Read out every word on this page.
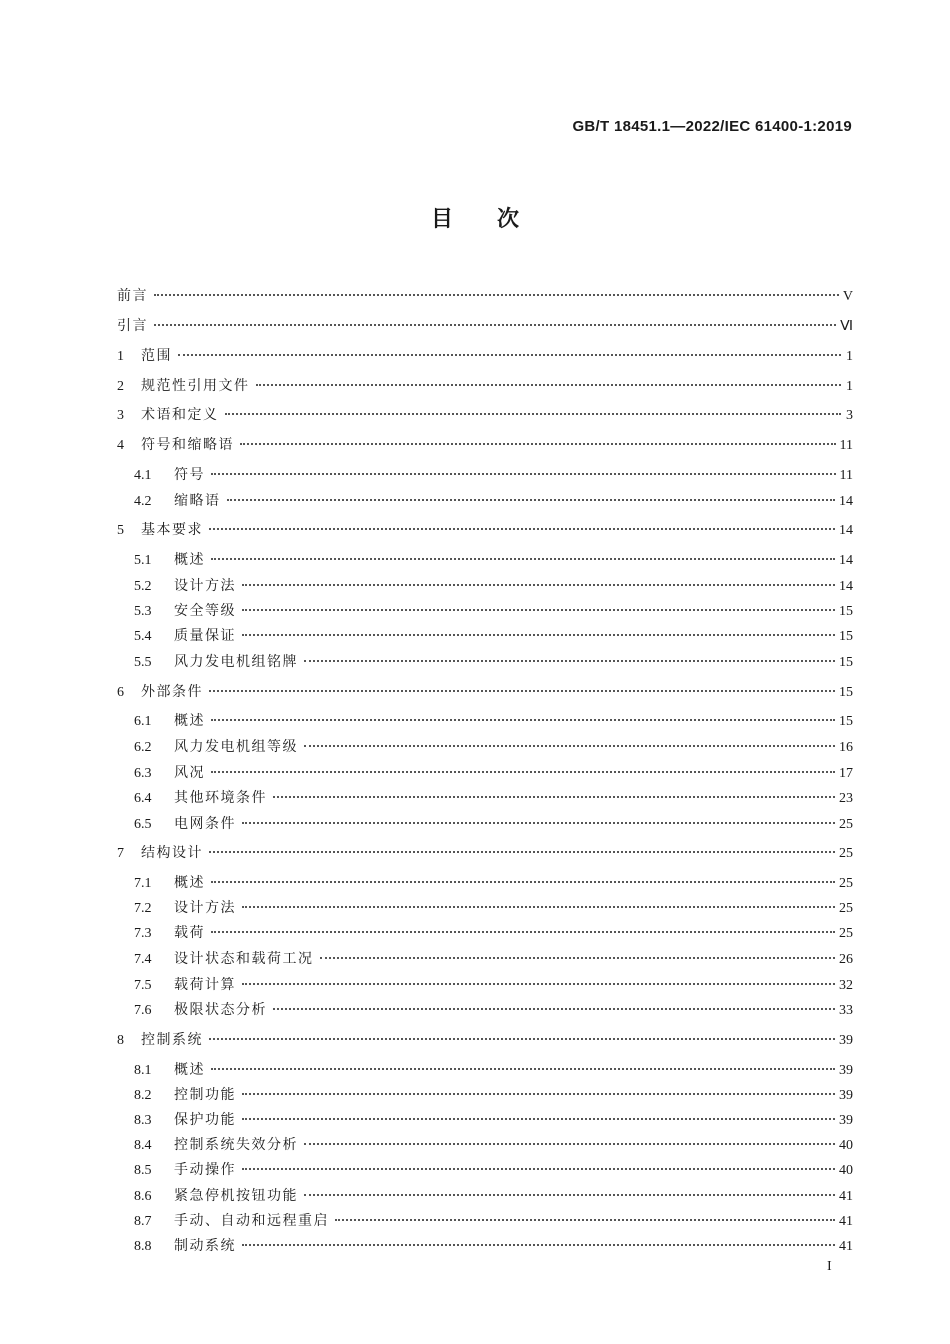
GB/T 18451.1—2022/IEC 61400-1:2019
目 次
前言	V
引言	Ⅵ
1	范围	1
2	规范性引用文件	1
3	术语和定义	3
4	符号和缩略语	11
4.1	符号	11
4.2	缩略语	14
5	基本要求	14
5.1	概述	14
5.2	设计方法	14
5.3	安全等级	15
5.4	质量保证	15
5.5	风力发电机组铭牌	15
6	外部条件	15
6.1	概述	15
6.2	风力发电机组等级	16
6.3	风况	17
6.4	其他环境条件	23
6.5	电网条件	25
7	结构设计	25
7.1	概述	25
7.2	设计方法	25
7.3	载荷	25
7.4	设计状态和载荷工况	26
7.5	载荷计算	32
7.6	极限状态分析	33
8	控制系统	39
8.1	概述	39
8.2	控制功能	39
8.3	保护功能	39
8.4	控制系统失效分析	40
8.5	手动操作	40
8.6	紧急停机按钮功能	41
8.7	手动、自动和远程重启	41
8.8	制动系统	41
I
